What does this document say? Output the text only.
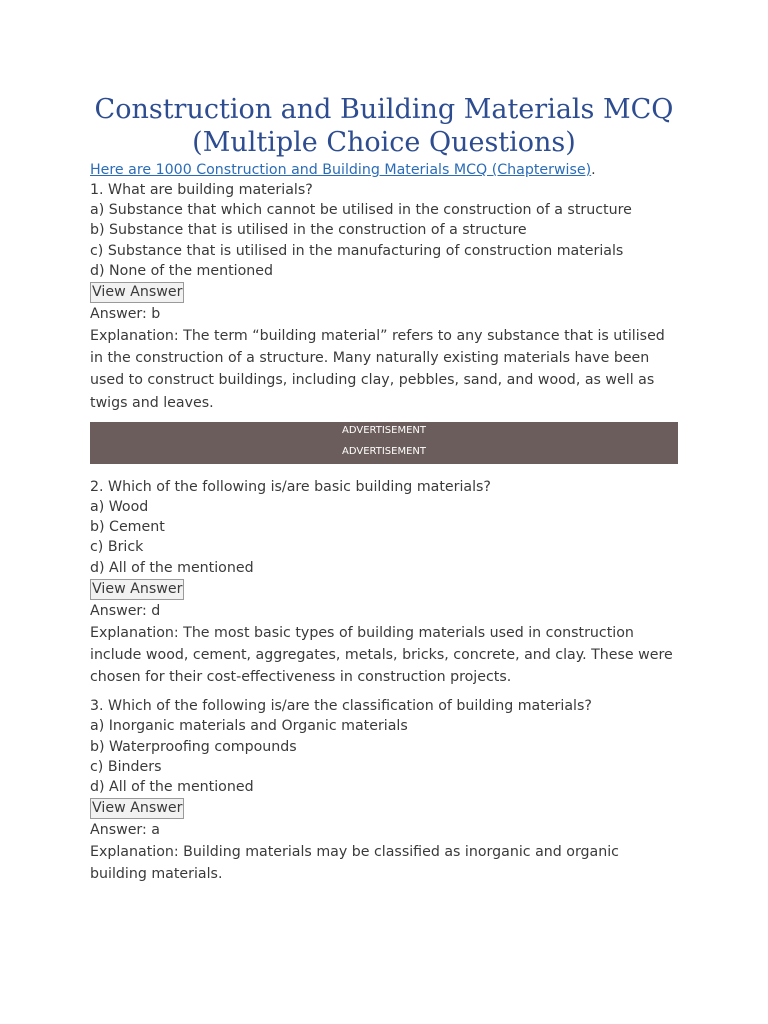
Construction and Building Materials MCQ
(Multiple Choice Questions)
Here are 1000 Construction and Building Materials MCQ (Chapterwise).
1. What are building materials?
a) Substance that which cannot be utilised in the construction of a structure
b) Substance that is utilised in the construction of a structure
c) Substance that is utilised in the manufacturing of construction materials
d) None of the mentioned
View Answer
Answer: b
Explanation: The term “building material” refers to any substance that is utilised in the construction of a structure. Many naturally existing materials have been used to construct buildings, including clay, pebbles, sand, and wood, as well as twigs and leaves.
ADVERTISEMENT
ADVERTISEMENT
2. Which of the following is/are basic building materials?
a) Wood
b) Cement
c) Brick
d) All of the mentioned
View Answer
Answer: d
Explanation: The most basic types of building materials used in construction include wood, cement, aggregates, metals, bricks, concrete, and clay. These were chosen for their cost-effectiveness in construction projects.
3. Which of the following is/are the classification of building materials?
a) Inorganic materials and Organic materials
b) Waterproofing compounds
c) Binders
d) All of the mentioned
View Answer
Answer: a
Explanation: Building materials may be classified as inorganic and organic building materials.
